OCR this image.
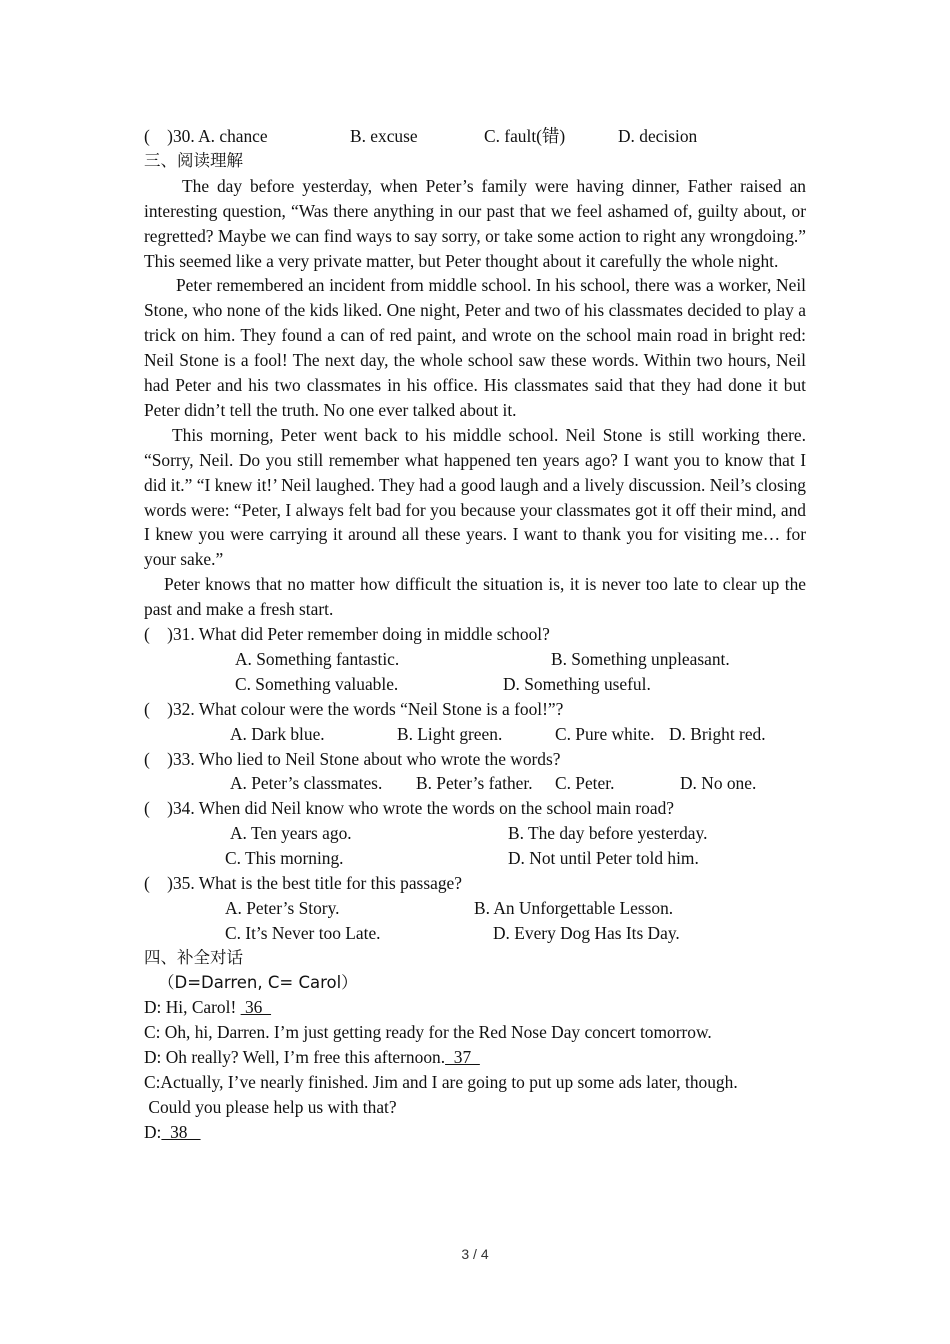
(    )30. A. chance

	B. excuse

	C. fault(错)

	D. decision

三、阅读理解
The day before yesterday, when Peter’s family were having dinner, Father raised an interesting question, “Was there anything in our past that we feel ashamed of, guilty about, or regretted? Maybe we can find ways to say sorry, or take some action to right any wrongdoing.” This seemed like a very private matter, but Peter thought about it carefully the whole night.
Peter remembered an incident from middle school. In his school, there was a worker, Neil Stone, who none of the kids liked. One night, Peter and two of his classmates decided to play a trick on him. They found a can of red paint, and wrote on the school main road in bright red: Neil Stone is a fool! The next day, the whole school saw these words. Within two hours, Neil had Peter and his two classmates in his office. His classmates said that they had done it but Peter didn’t tell the truth. No one ever talked about it.
This morning, Peter went back to his middle school. Neil Stone is still working there. “Sorry, Neil. Do you still remember what happened ten years ago? I want you to know that I did it.” “I knew it!’ Neil laughed. They had a good laugh and a lively discussion. Neil’s closing words were: “Peter, I always felt bad for you because your classmates got it off their mind, and I knew you were carrying it around all these years. I want to thank you for visiting me… for your sake.”
Peter knows that no matter how difficult the situation is, it is never too late to clear up the past and make a fresh start.
(    )31. What did Peter remember doing in middle school?

A. Something fantastic.

	B. Something unpleasant.

C. Something valuable.

	D. Something useful.

(    )32. What colour were the words “Neil Stone is a fool!”?

A. Dark blue.

	B. Light green.

	C. Pure white.

D. Bright red.

(    )33. Who lied to Neil Stone about who wrote the words?

A. Peter’s classmates.

B. Peter’s father.

C. Peter.

	D. No one.

(    )34. When did Neil know who wrote the words on the school main road?

A. Ten years ago.

	B. The day before yesterday.

C. This morning.

	D. Not until Peter told him.

(    )35. What is the best title for this passage?

A. Peter’s Story.

	B. An Unforgettable Lesson.

C. It’s Never too Late.

	D. Every Dog Has Its Day.

四、补全对话
（D=Darren, C= Carol）
D: Hi, Carol!  36
C: Oh, hi, Darren. I’m just getting ready for the Red Nose Day concert tomorrow.
D: Oh really? Well, I’m free this afternoon.  37
C:Actually, I’ve nearly finished. Jim and I are going to put up some ads later, though.
Could you please help us with that?
D:  38
3 / 4
